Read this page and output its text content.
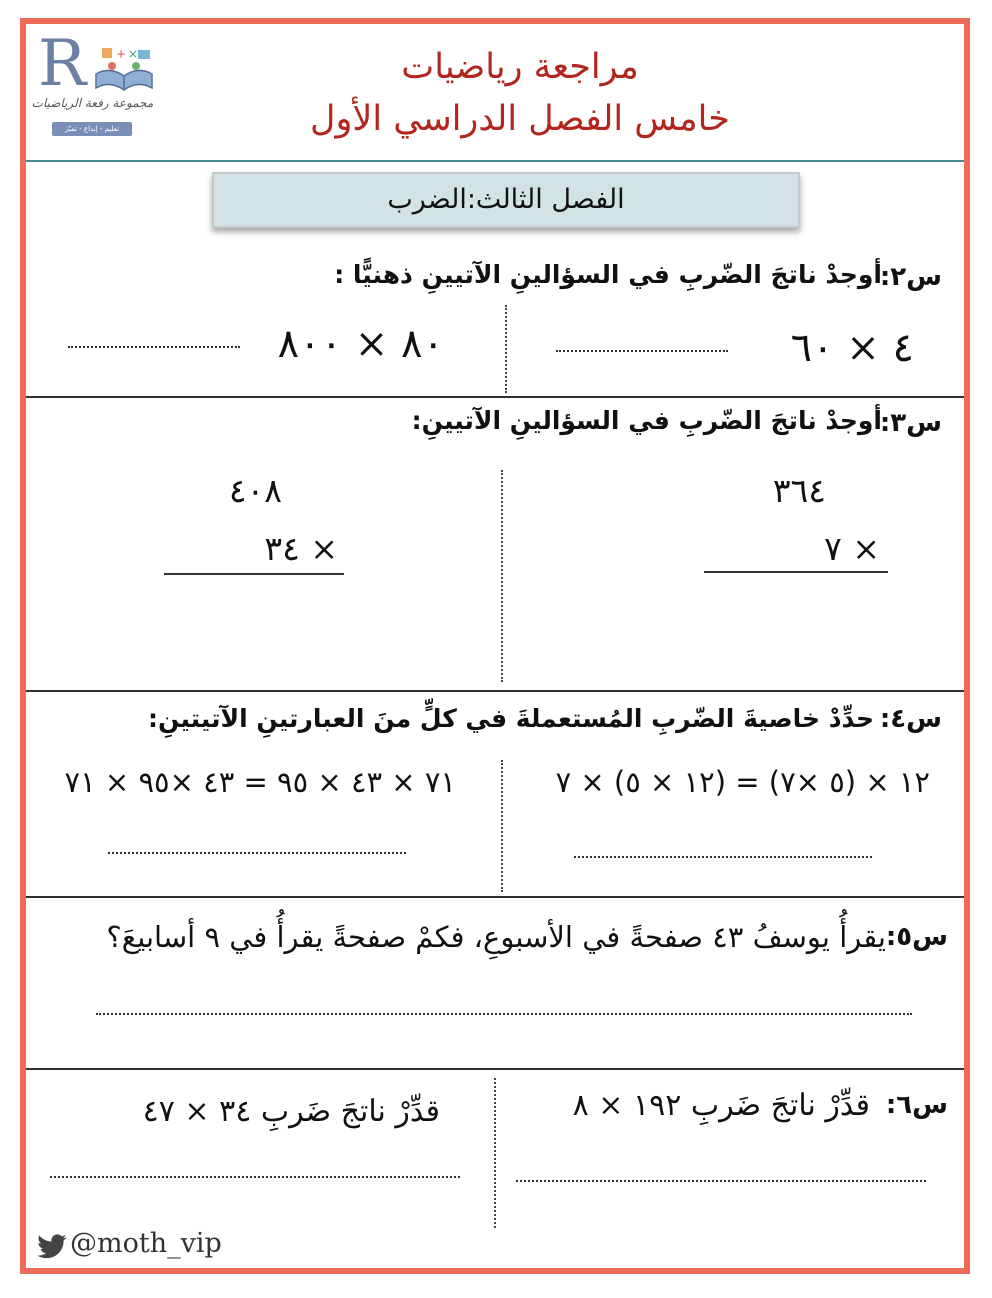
R + ×
مجموعة رفعة الرياضيات
تعليم - إبداع - تميّز
مراجعة رياضيات
خامس الفصل الدراسي الأول
الفصل الثالث:الضرب
س٢:
أوجدْ ناتجَ الضّربِ في السؤالينِ الآتيينِ ذهنيًّا :
٤ × ٦٠
٨٠ × ٨٠٠
س٣:
أوجدْ ناتجَ الضّربِ في السؤالينِ الآتيينِ:
٣٦٤
× ٧
٤٠٨
× ٣٤
س٤:
حدِّدْ خاصيةَ الضّربِ المُستعملةَ في كلٍّ منَ العبارتينِ الآتيتينِ:
١٢ × (٥ ×٧) = (١٢ × ٥) × ٧
٧١ × ٤٣ × ٩٥ = ٤٣ ×٩٥ × ٧١
س٥:
يقرأُ يوسفُ ٤٣ صفحةً في الأسبوعِ، فكمْ صفحةً يقرأُ في ٩ أسابيعَ؟
س٦:
قدِّرْ ناتجَ ضَربِ ١٩٢ × ٨
قدِّرْ ناتجَ ضَربِ ٣٤ × ٤٧
@moth_vip
